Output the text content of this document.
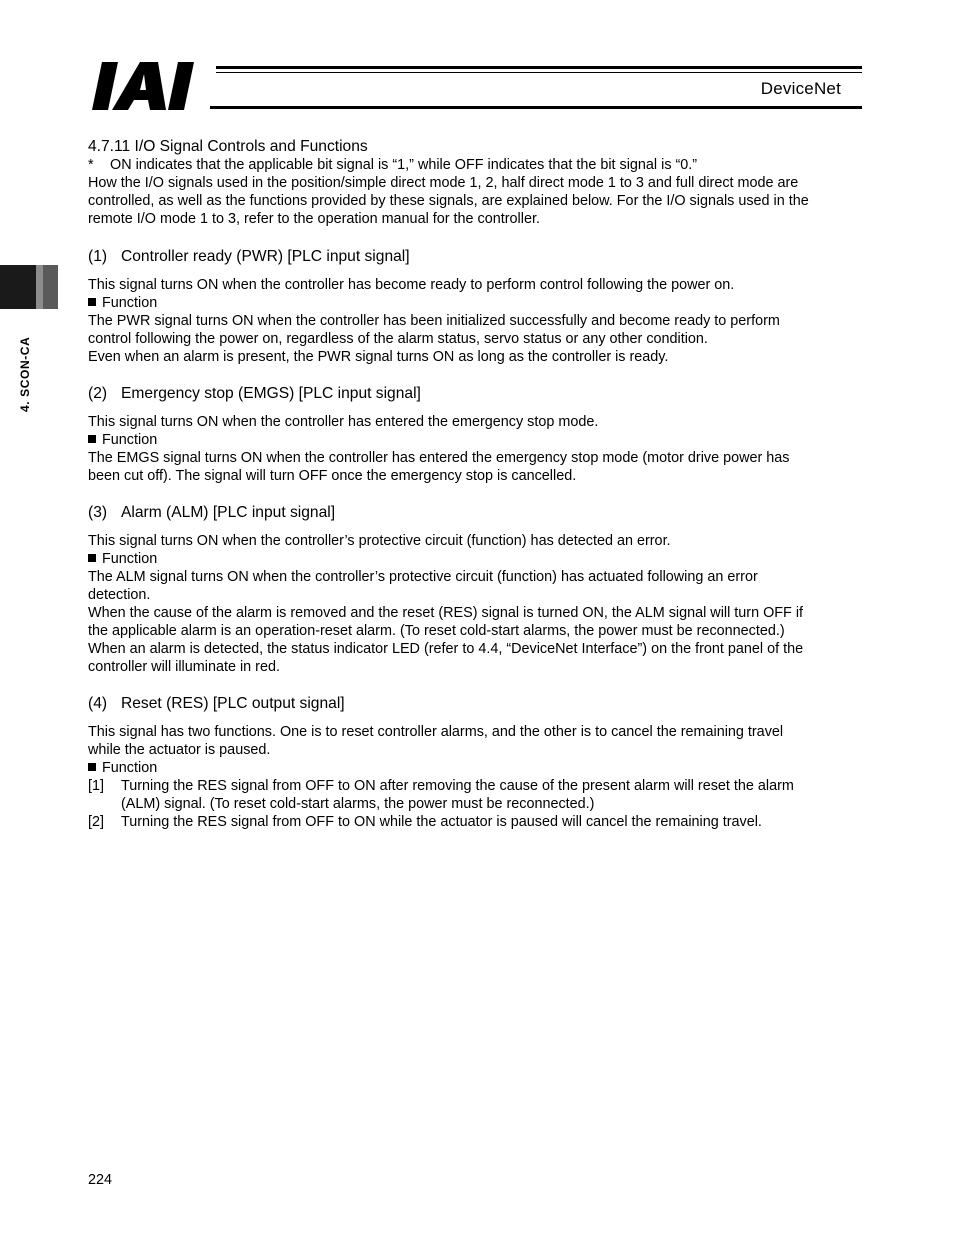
DeviceNet
4. SCON-CA

4.7.11 I/O Signal Controls and Functions

* ON indicates that the applicable bit signal is “1,” while OFF indicates that the bit signal is “0.”

How the I/O signals used in the position/simple direct mode 1, 2, half direct mode 1 to 3 and full direct mode are

controlled, as well as the functions provided by these signals, are explained below. For the I/O signals used in the

remote I/O mode 1 to 3, refer to the operation manual for the controller.

(1) Controller ready (PWR) [PLC input signal]

This signal turns ON when the controller has become ready to perform control following the power on.

Function

The PWR signal turns ON when the controller has been initialized successfully and become ready to perform

control following the power on, regardless of the alarm status, servo status or any other condition.

Even when an alarm is present, the PWR signal turns ON as long as the controller is ready.

(2) Emergency stop (EMGS) [PLC input signal]

This signal turns ON when the controller has entered the emergency stop mode.

Function

The EMGS signal turns ON when the controller has entered the emergency stop mode (motor drive power has

been cut off). The signal will turn OFF once the emergency stop is cancelled.

(3) Alarm (ALM) [PLC input signal]

This signal turns ON when the controller’s protective circuit (function) has detected an error.

Function

The ALM signal turns ON when the controller’s protective circuit (function) has actuated following an error

detection.

When the cause of the alarm is removed and the reset (RES) signal is turned ON, the ALM signal will turn OFF if

the applicable alarm is an operation-reset alarm. (To reset cold-start alarms, the power must be reconnected.)

When an alarm is detected, the status indicator LED (refer to 4.4, “DeviceNet Interface”) on the front panel of the

controller will illuminate in red.

(4) Reset (RES) [PLC output signal]

This signal has two functions. One is to reset controller alarms, and the other is to cancel the remaining travel

while the actuator is paused.

Function

[1]	Turning the RES signal from OFF to ON after removing the cause of the present alarm will reset the alarm

(ALM) signal. (To reset cold-start alarms, the power must be reconnected.)

[2]	Turning the RES signal from OFF to ON while the actuator is paused will cancel the remaining travel.

224
